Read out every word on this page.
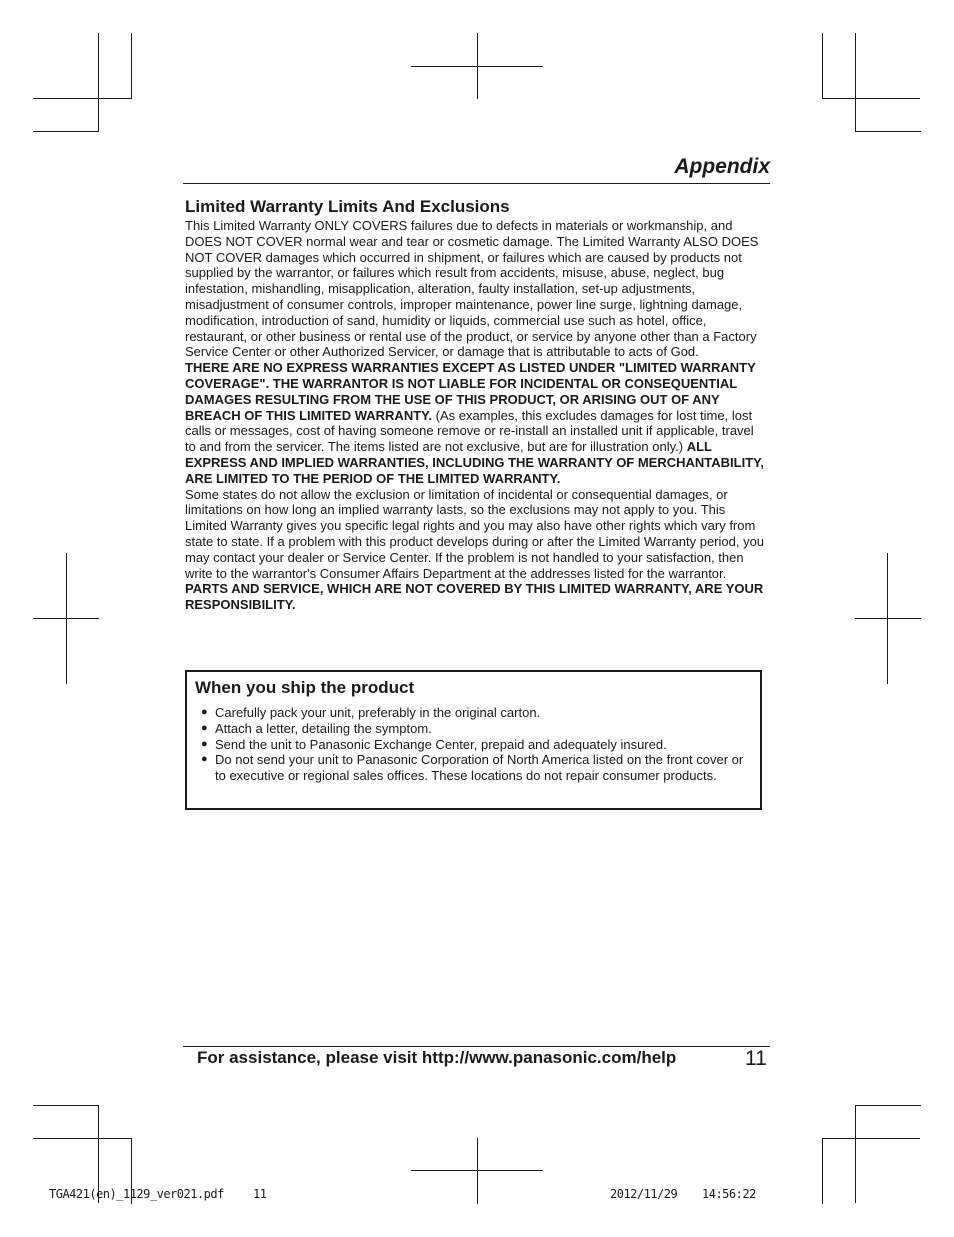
Appendix
Limited Warranty Limits And Exclusions

This Limited Warranty ONLY COVERS failures due to defects in materials or workmanship, and DOES NOT COVER normal wear and tear or cosmetic damage. The Limited Warranty ALSO DOES NOT COVER damages which occurred in shipment, or failures which are caused by products not supplied by the warrantor, or failures which result from accidents, misuse, abuse, neglect, bug infestation, mishandling, misapplication, alteration, faulty installation, set-up adjustments, misadjustment of consumer controls, improper maintenance, power line surge, lightning damage, modification, introduction of sand, humidity or liquids, commercial use such as hotel, office, restaurant, or other business or rental use of the product, or service by anyone other than a Factory Service Center or other Authorized Servicer, or damage that is attributable to acts of God.

THERE ARE NO EXPRESS WARRANTIES EXCEPT AS LISTED UNDER "LIMITED WARRANTY COVERAGE". THE WARRANTOR IS NOT LIABLE FOR INCIDENTAL OR CONSEQUENTIAL DAMAGES RESULTING FROM THE USE OF THIS PRODUCT, OR ARISING OUT OF ANY BREACH OF THIS LIMITED WARRANTY. (As examples, this excludes damages for lost time, lost calls or messages, cost of having someone remove or re-install an installed unit if applicable, travel to and from the servicer. The items listed are not exclusive, but are for illustration only.) ALL EXPRESS AND IMPLIED WARRANTIES, INCLUDING THE WARRANTY OF MERCHANTABILITY, ARE LIMITED TO THE PERIOD OF THE LIMITED WARRANTY.

Some states do not allow the exclusion or limitation of incidental or consequential damages, or limitations on how long an implied warranty lasts, so the exclusions may not apply to you. This Limited Warranty gives you specific legal rights and you may also have other rights which vary from state to state. If a problem with this product develops during or after the Limited Warranty period, you may contact your dealer or Service Center. If the problem is not handled to your satisfaction, then write to the warrantor's Consumer Affairs Department at the addresses listed for the warrantor.

PARTS AND SERVICE, WHICH ARE NOT COVERED BY THIS LIMITED WARRANTY, ARE YOUR RESPONSIBILITY.

When you ship the product
● Carefully pack your unit, preferably in the original carton.
● Attach a letter, detailing the symptom.
● Send the unit to Panasonic Exchange Center, prepaid and adequately insured.
● Do not send your unit to Panasonic Corporation of North America listed on the front cover or to executive or regional sales offices. These locations do not repair consumer products.
For assistance, please visit http://www.panasonic.com/help	11
TGA421(en)_1129_ver021.pdf 11	2012/11/29 14:56:22
